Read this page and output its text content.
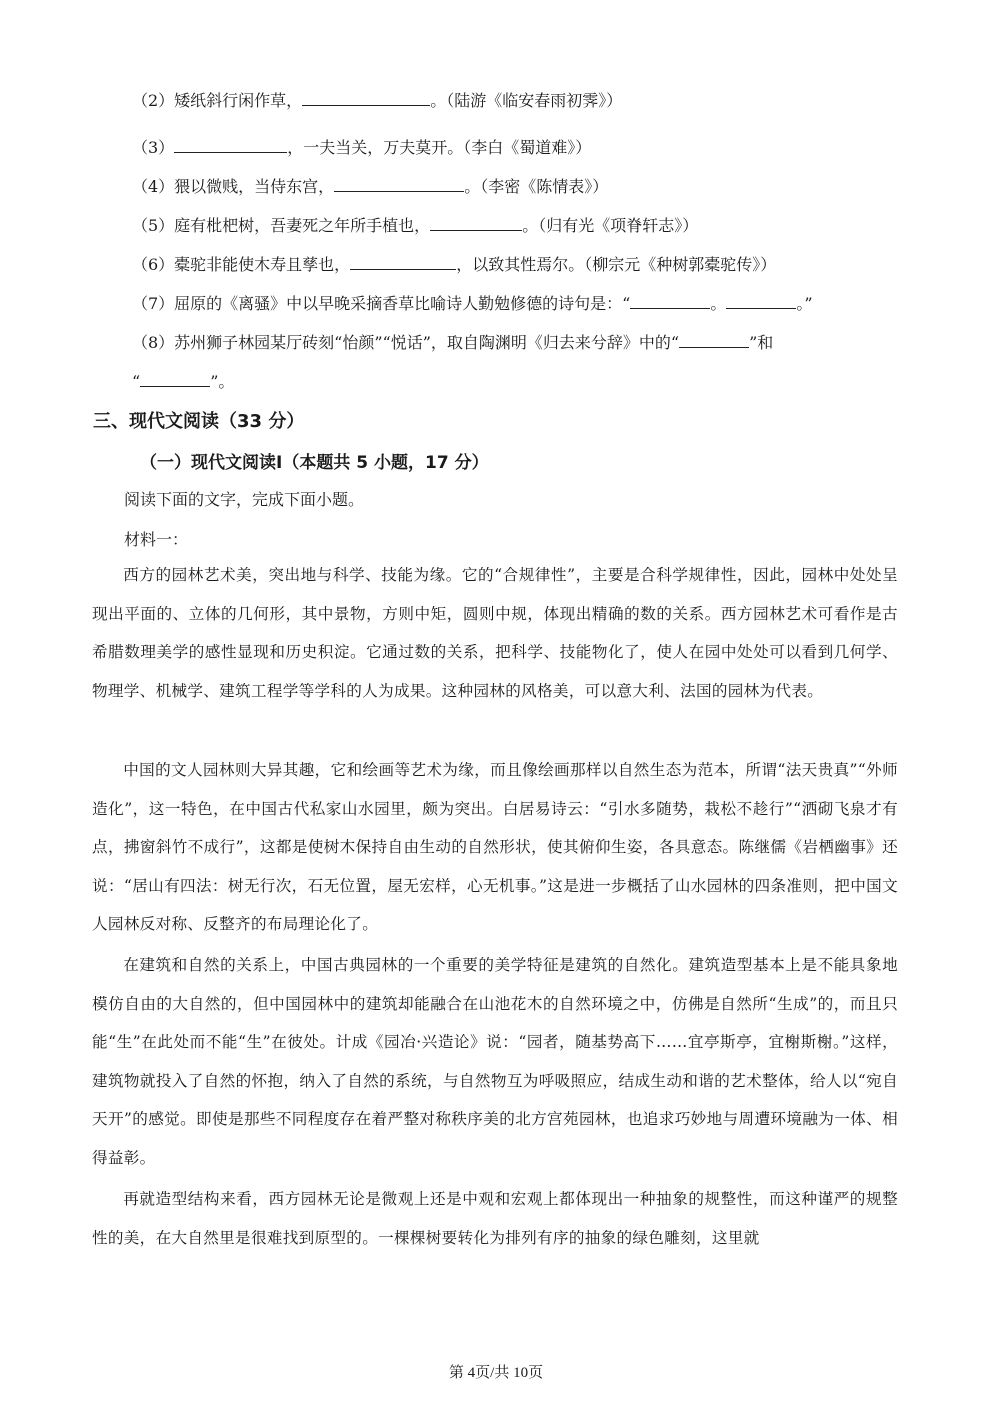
（2）矮纸斜行闲作草，	。（陆游《临安春雨初霁》）
（3）	，一夫当关，万夫莫开。（李白《蜀道难》）
（4）猥以微贱，当侍东宫，	。（李密《陈情表》）
（5）庭有枇杷树，吾妻死之年所手植也，	。（归有光《项脊轩志》）
（6）橐驼非能使木寿且孳也，	，以致其性焉尔。（柳宗元《种树郭橐驼传》）
（7）屈原的《离骚》中以早晚采摘香草比喻诗人勤勉修德的诗句是：“	。	。”
（8）苏州狮子林园某厅砖刻“怡颜”“悦话”，取自陶渊明《归去来兮辞》中的“	”和
“	”。
三、现代文阅读（33 分）
（一）现代文阅读Ⅰ（本题共 5 小题，17 分）
阅读下面的文字，完成下面小题。
材料一：

西方的园林艺术美，突出地与科学、技能为缘。它的“合规律性”，主要是合科学规律性，因此，园林中处处呈现出平面的、立体的几何形，其中景物，方则中矩，圆则中规，体现出精确的数的关系。西方园林艺术可看作是古希腊数理美学的感性显现和历史积淀。它通过数的关系，把科学、技能物化了，使人在园中处处可以看到几何学、物理学、机械学、建筑工程学等学科的人为成果。这种园林的风格美，可以意大利、法国的园林为代表。

中国的文人园林则大异其趣，它和绘画等艺术为缘，而且像绘画那样以自然生态为范本，所谓“法天贵真”“外师造化”，这一特色，在中国古代私家山水园里，颇为突出。白居易诗云：“引水多随势，栽松不趁行”“洒砌飞泉才有点，拂窗斜竹不成行”，这都是使树木保持自由生动的自然形状，使其俯仰生姿，各具意态。陈继儒《岩栖幽事》还说：“居山有四法：树无行次，石无位置，屋无宏样，心无机事。”这是进一步概括了山水园林的四条准则，把中国文人园林反对称、反整齐的布局理论化了。

在建筑和自然的关系上，中国古典园林的一个重要的美学特征是建筑的自然化。建筑造型基本上是不能具象地模仿自由的大自然的，但中国园林中的建筑却能融合在山池花木的自然环境之中，仿佛是自然所“生成”的，而且只能“生”在此处而不能“生”在彼处。计成《园冶·兴造论》说：“园者，随基势高下……宜亭斯亭，宜榭斯榭。”这样，建筑物就投入了自然的怀抱，纳入了自然的系统，与自然物互为呼吸照应，结成生动和谐的艺术整体，给人以“宛自天开”的感觉。即使是那些不同程度存在着严整对称秩序美的北方宫苑园林，也追求巧妙地与周遭环境融为一体、相得益彰。

再就造型结构来看，西方园林无论是微观上还是中观和宏观上都体现出一种抽象的规整性，而这种谨严的规整性的美，在大自然里是很难找到原型的。一棵棵树要转化为排列有序的抽象的绿色雕刻，这里就

第 4页/共 10页
